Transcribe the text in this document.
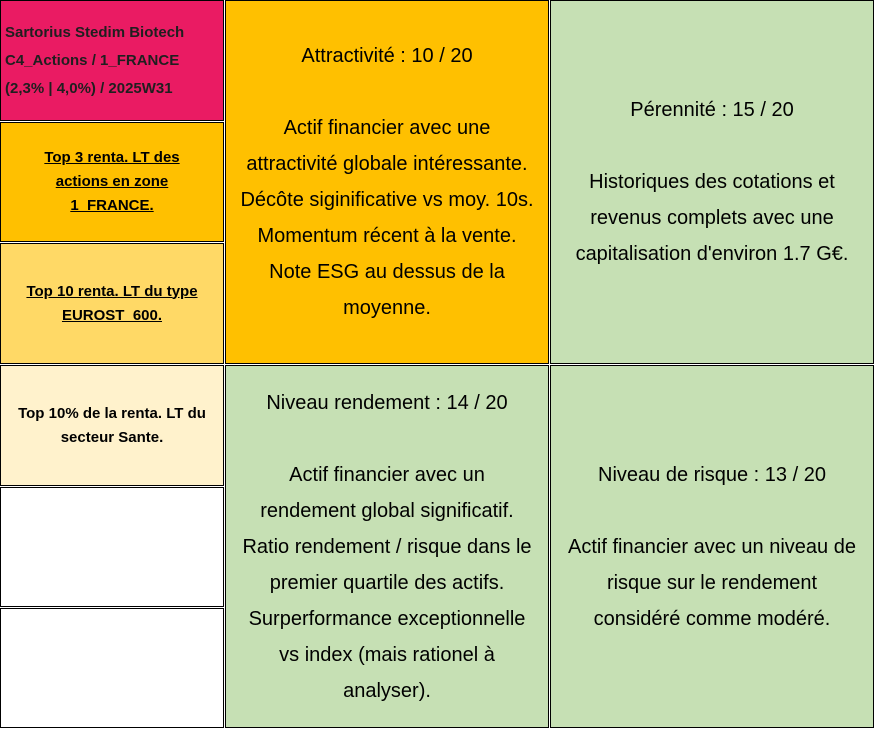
Sartorius Stedim Biotech
C4_Actions / 1_FRANCE
(2,3% | 4,0%) / 2025W31
Top 3 renta. LT des actions en zone 1_FRANCE.
Top 10 renta. LT du type EUROST_600.
Top 10% de la renta. LT du secteur Sante.
Attractivité : 10 / 20
Actif financier avec une
attractivité globale intéressante.
Décôte siginificative vs moy. 10s.
Momentum récent à la vente.
Note ESG au dessus de la
moyenne.
Pérennité : 15 / 20
Historiques des cotations et
revenus complets avec une
capitalisation d'environ 1.7 G€.
Niveau rendement : 14 / 20
Actif financier avec un
rendement global significatif.
Ratio rendement / risque dans le
premier quartile des actifs.
Surperformance exceptionnelle
vs index (mais rationel à
analyser).
Niveau de risque : 13 / 20
Actif financier avec un niveau de
risque sur le rendement
considéré comme modéré.
